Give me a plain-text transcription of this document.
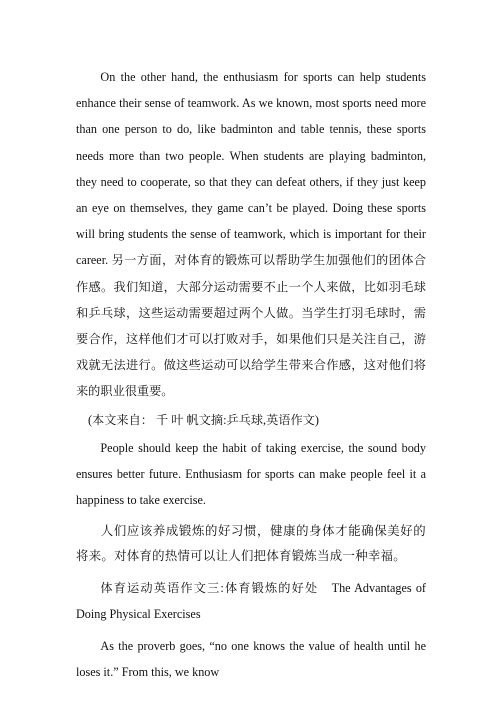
On the other hand, the enthusiasm for sports can help students enhance their sense of teamwork. As we known, most sports need more than one person to do, like badminton and table tennis, these sports needs more than two people. When students are playing badminton, they need to cooperate, so that they can defeat others, if they just keep an eye on themselves, they game can’t be played. Doing these sports will bring students the sense of teamwork, which is important for their career. 另一方面，对体育的锻炼可以帮助学生加强他们的团体合作感。我们知道，大部分运动需要不止一个人来做，比如羽毛球和乒乓球，这些运动需要超过两个人做。当学生打羽毛球时，需要合作，这样他们才可以打败对手，如果他们只是关注自己，游戏就无法进行。做这些运动可以给学生带来合作感，这对他们将来的职业很重要。

(本文来自： 千 叶 帆文摘:乒乓球,英语作文)

People should keep the habit of taking exercise, the sound body ensures better future. Enthusiasm for sports can make people feel it a happiness to take exercise.

人们应该养成锻炼的好习惯，健康的身体才能确保美好的将来。对体育的热情可以让人们把体育锻炼当成一种幸福。

体育运动英语作文三:体育锻炼的好处　The Advantages of Doing Physical Exercises

As the proverb goes, “no one knows the value of health until he loses it.” From this, we know
